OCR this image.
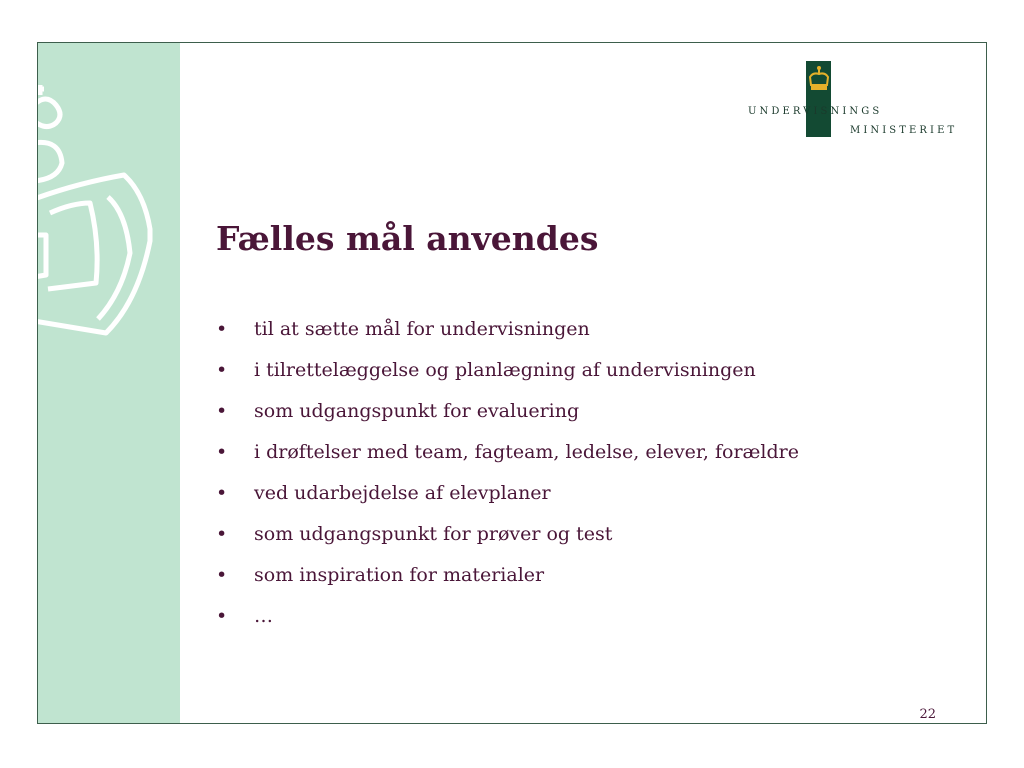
UNDERVISNINGS
MINISTERIET
Fælles mål anvendes
• til at sætte mål for undervisningen
• i tilrettelæggelse og planlægning af undervisningen
• som udgangspunkt for evaluering
• i drøftelser med team, fagteam, ledelse, elever, forældre
• ved udarbejdelse af elevplaner
• som udgangspunkt for prøver og test
• som inspiration for materialer
• …
22
